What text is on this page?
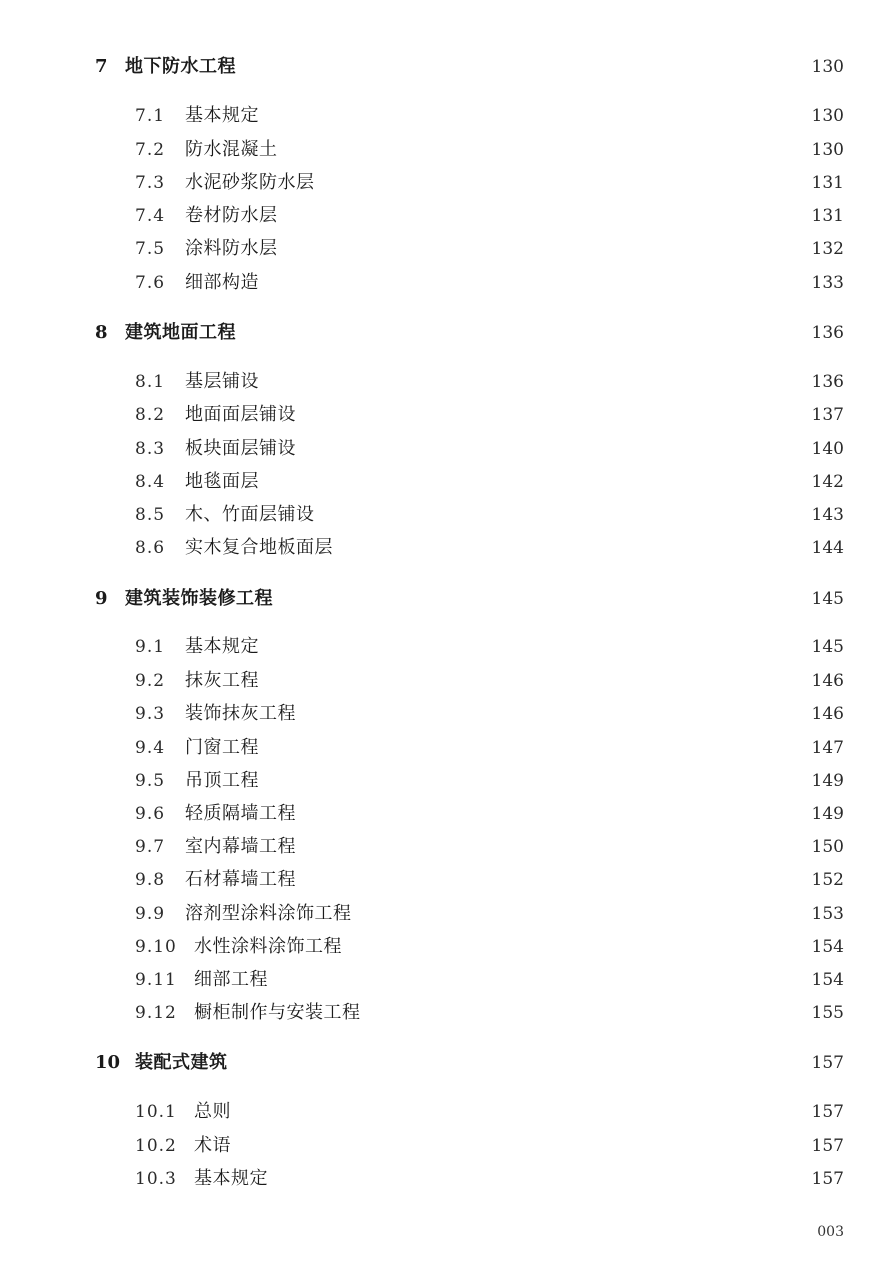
7 地下防水工程	130
7.1 基本规定	130
7.2 防水混凝土	130
7.3 水泥砂浆防水层	131
7.4 卷材防水层	131
7.5 涂料防水层	132
7.6 细部构造	133
8 建筑地面工程	136
8.1 基层铺设	136
8.2 地面面层铺设	137
8.3 板块面层铺设	140
8.4 地毯面层	142
8.5 木、竹面层铺设	143
8.6 实木复合地板面层	144
9 建筑装饰装修工程	145
9.1 基本规定	145
9.2 抹灰工程	146
9.3 装饰抹灰工程	146
9.4 门窗工程	147
9.5 吊顶工程	149
9.6 轻质隔墙工程	149
9.7 室内幕墙工程	150
9.8 石材幕墙工程	152
9.9 溶剂型涂料涂饰工程	153
9.10 水性涂料涂饰工程	154
9.11 细部工程	154
9.12 橱柜制作与安装工程	155
10 装配式建筑	157
10.1 总则	157
10.2 术语	157
10.3 基本规定	157
003
